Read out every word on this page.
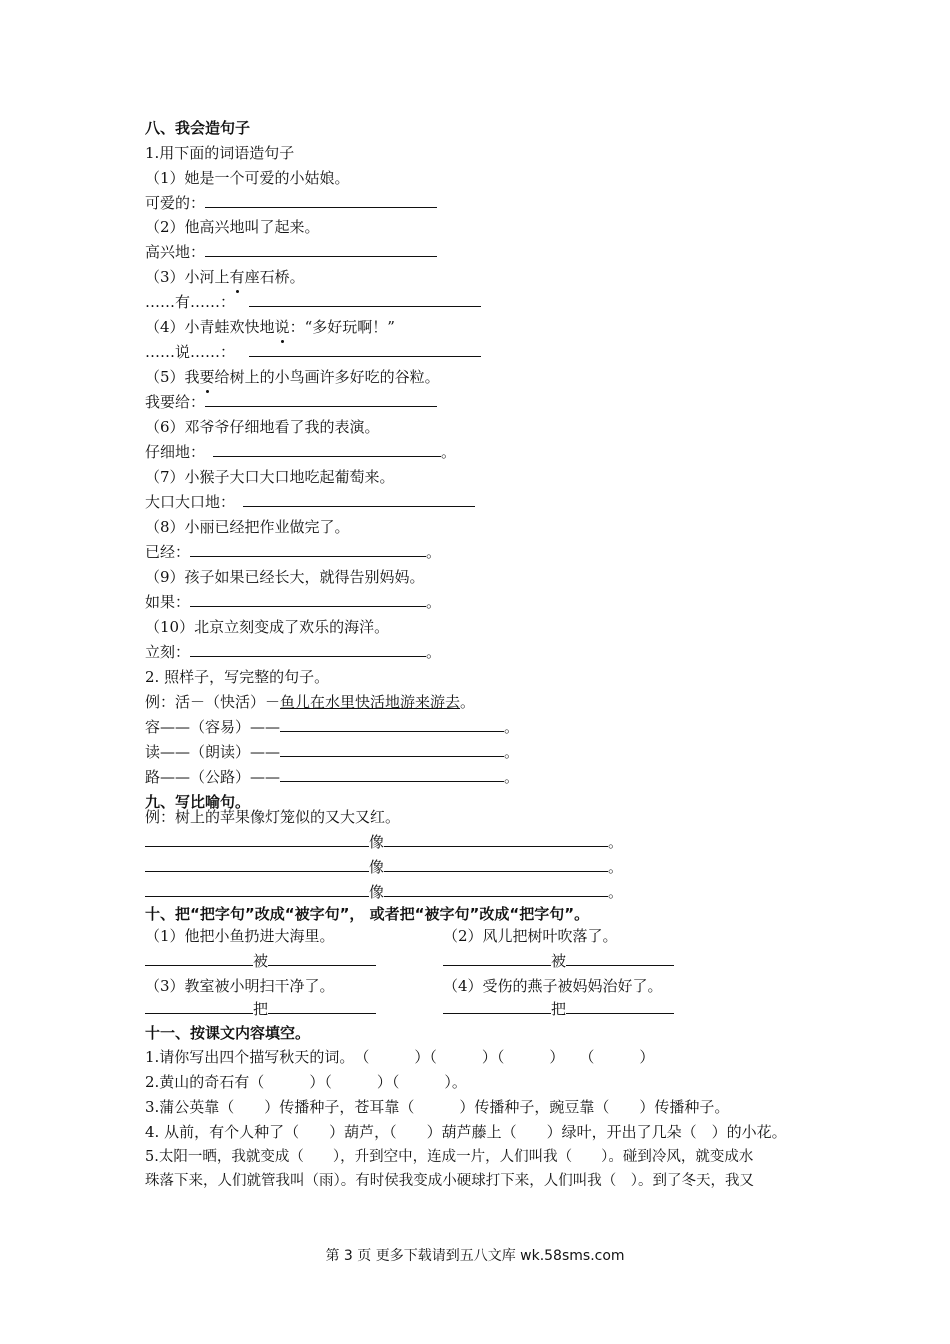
八、我会造句子
1.用下面的词语造句子
（1）她是一个可爱的小姑娘。
可爱的：
（2）他高兴地叫了起来。
高兴地：
（3）小河上有座石桥。
……有……：
（4）小青蛙欢快地说：“多好玩啊！”
……说……：
（5）我要给树上的小鸟画许多好吃的谷粒。
我要给：
（6）邓爷爷仔细地看了我的表演。
仔细地：	。
（7）小猴子大口大口地吃起葡萄来。
大口大口地：
（8）小丽已经把作业做完了。
已经：	。
（9）孩子如果已经长大，就得告别妈妈。
如果：	。
（10）北京立刻变成了欢乐的海洋。
立刻：	。
2. 照样子，写完整的句子。
例：活－（快活）－鱼儿在水里快活地游来游去。
容——（容易）——	。
读——（朗读）——	。
路——（公路）——	。
九、写比喻句。
例：树上的苹果像灯笼似的又大又红。
像	。
像	。
像	。
十、把“把字句”改成“被字句”， 或者把“被字句”改成“把字句”。
（1）他把小鱼扔进大海里。	（2）风儿把树叶吹落了。
被	被
（3）教室被小明扫干净了。	（4）受伤的燕子被妈妈治好了。
把	把
十一、按课文内容填空。
1.请你写出四个描写秋天的词。　（　　　）（　　　）（　　　）　　（　　　）
2.黄山的奇石有（　　　）（　　　）（　　　）。
3.蒲公英靠（　　）传播种子，苍耳靠（　　　）传播种子，豌豆靠（　　）传播种子。
4. 从前，有个人种了（　　）葫芦，（　　）葫芦藤上（　　）绿叶，开出了几朵（　）的小花。
5.太阳一晒，我就变成（　　），升到空中，连成一片，人们叫我（　　）。碰到冷风，就变成水
珠落下来，人们就管我叫（雨）。有时侯我变成小硬球打下来，人们叫我（　）。到了冬天，我又
第 3 页 更多下载请到五八文库 wk.58sms.com
